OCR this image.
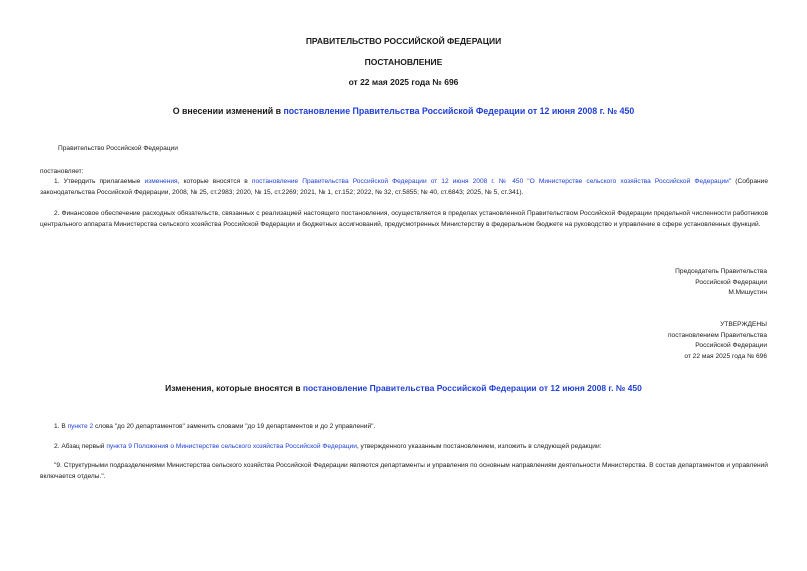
ПРАВИТЕЛЬСТВО РОССИЙСКОЙ ФЕДЕРАЦИИ
ПОСТАНОВЛЕНИЕ
от 22 мая 2025 года № 696
О внесении изменений в постановление Правительства Российской Федерации от 12 июня 2008 г. № 450
Правительство Российской Федерации
постановляет:
1. Утвердить прилагаемые изменения, которые вносятся в постановление Правительства Российской Федерации от 12 июня 2008 г. № 450 "О Министерстве сельского хозяйства Российской Федерации" (Собрание законодательства Российской Федерации, 2008, № 25, ст.2983; 2020, № 15, ст.2269; 2021, № 1, ст.152; 2022, № 32, ст.5855; № 40, ст.6843; 2025, № 5, ст.341).
2. Финансовое обеспечение расходных обязательств, связанных с реализацией настоящего постановления, осуществляется в пределах установленной Правительством Российской Федерации предельной численности работников центрального аппарата Министерства сельского хозяйства Российской Федерации и бюджетных ассигнований, предусмотренных Министерству в федеральном бюджете на руководство и управление в сфере установленных функций.
Председатель Правительства
Российской Федерации
М.Мишустин
УТВЕРЖДЕНЫ
постановлением Правительства
Российской Федерации
от 22 мая 2025 года № 696
Изменения, которые вносятся в постановление Правительства Российской Федерации от 12 июня 2008 г. № 450
1. В пункте 2 слова "до 20 департаментов" заменить словами "до 19 департаментов и до 2 управлений".
2. Абзац первый пункта 9 Положения о Министерстве сельского хозяйства Российской Федерации, утвержденного указанным постановлением, изложить в следующей редакции:
"9. Структурными подразделениями Министерства сельского хозяйства Российской Федерации являются департаменты и управления по основным направлениям деятельности Министерства. В состав департаментов и управлений включается отделы.".
